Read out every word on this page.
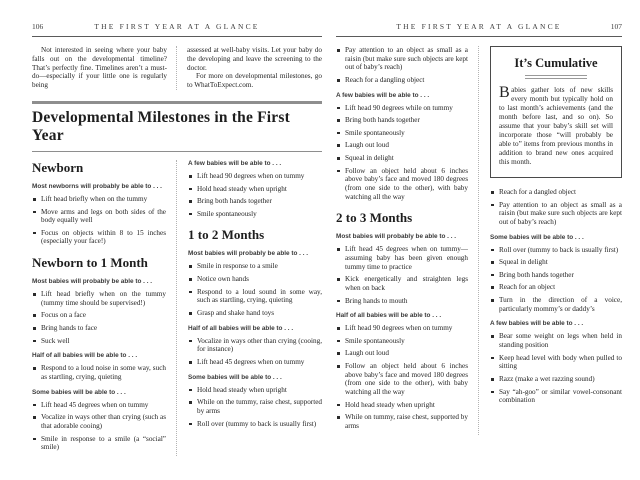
106	THE FIRST YEAR AT A GLANCE

Not interested in seeing where your baby falls out on the developmental timeline? That’s perfectly fine. Timelines aren’t a must-do—especially if your little one is regularly being

assessed at well-baby visits. Let your baby do the developing and leave the screening to the doctor.

For more on developmental milestones, go to WhatToExpect.com.

Developmental Milestones in the First Year
Newborn
Most newborns will probably be able to . . .
Lift head briefly when on the tummy
Move arms and legs on both sides of the body equally well
Focus on objects within 8 to 15 inches (especially your face!)
Newborn to 1 Month
Most babies will probably be able to . . .
Lift head briefly when on the tummy (tummy time should be supervised!)
Focus on a face
Bring hands to face
Suck well
Half of all babies will be able to . . .
Respond to a loud noise in some way, such as startling, crying, quieting
Some babies will be able to . . .
Lift head 45 degrees when on tummy
Vocalize in ways other than crying (such as that adorable cooing)
Smile in response to a smile (a “social” smile)
A few babies will be able to . . .
Lift head 90 degrees when on tummy
Hold head steady when upright
Bring both hands together
Smile spontaneously
1 to 2 Months
Most babies will probably be able to . . .
Smile in response to a smile
Notice own hands
Respond to a loud sound in some way, such as startling, crying, quieting
Grasp and shake hand toys
Half of all babies will be able to . . .
Vocalize in ways other than crying (cooing, for instance)
Lift head 45 degrees when on tummy
Some babies will be able to . . .
Hold head steady when upright
While on the tummy, raise chest, supported by arms
Roll over (tummy to back is usually first)
THE FIRST YEAR AT A GLANCE	107
Pay attention to an object as small as a raisin (but make sure such objects are kept out of baby’s reach)
Reach for a dangling object
A few babies will be able to . . .
Lift head 90 degrees while on tummy
Bring both hands together
Smile spontaneously
Laugh out loud
Squeal in delight
Follow an object held about 6 inches above baby’s face and moved 180 degrees (from one side to the other), with baby watching all the way
2 to 3 Months
Most babies will probably be able to . . .
Lift head 45 degrees when on tummy—assuming baby has been given enough tummy time to practice
Kick energetically and straighten legs when on back
Bring hands to mouth
Half of all babies will be able to . . .
Lift head 90 degrees when on tummy
Smile spontaneously
Laugh out loud
Follow an object held about 6 inches above baby’s face and moved 180 degrees (from one side to the other), with baby watching all the way
Hold head steady when upright
While on tummy, raise chest, supported by arms
It’s Cumulative

Babies gather lots of new skills every month but typically hold on to last month’s achievements (and the month before last, and so on). So assume that your baby’s skill set will incorporate those “will probably be able to” items from previous months in addition to brand new ones acquired this month.

Reach for a dangled object
Pay attention to an object as small as a raisin (but make sure such objects are kept out of baby’s reach)
Some babies will be able to . . .
Roll over (tummy to back is usually first)
Squeal in delight
Bring both hands together
Reach for an object
Turn in the direction of a voice, particularly mommy’s or daddy’s
A few babies will be able to . . .
Bear some weight on legs when held in standing position
Keep head level with body when pulled to sitting
Razz (make a wet razzing sound)
Say “ah-goo” or similar vowel-consonant combination
